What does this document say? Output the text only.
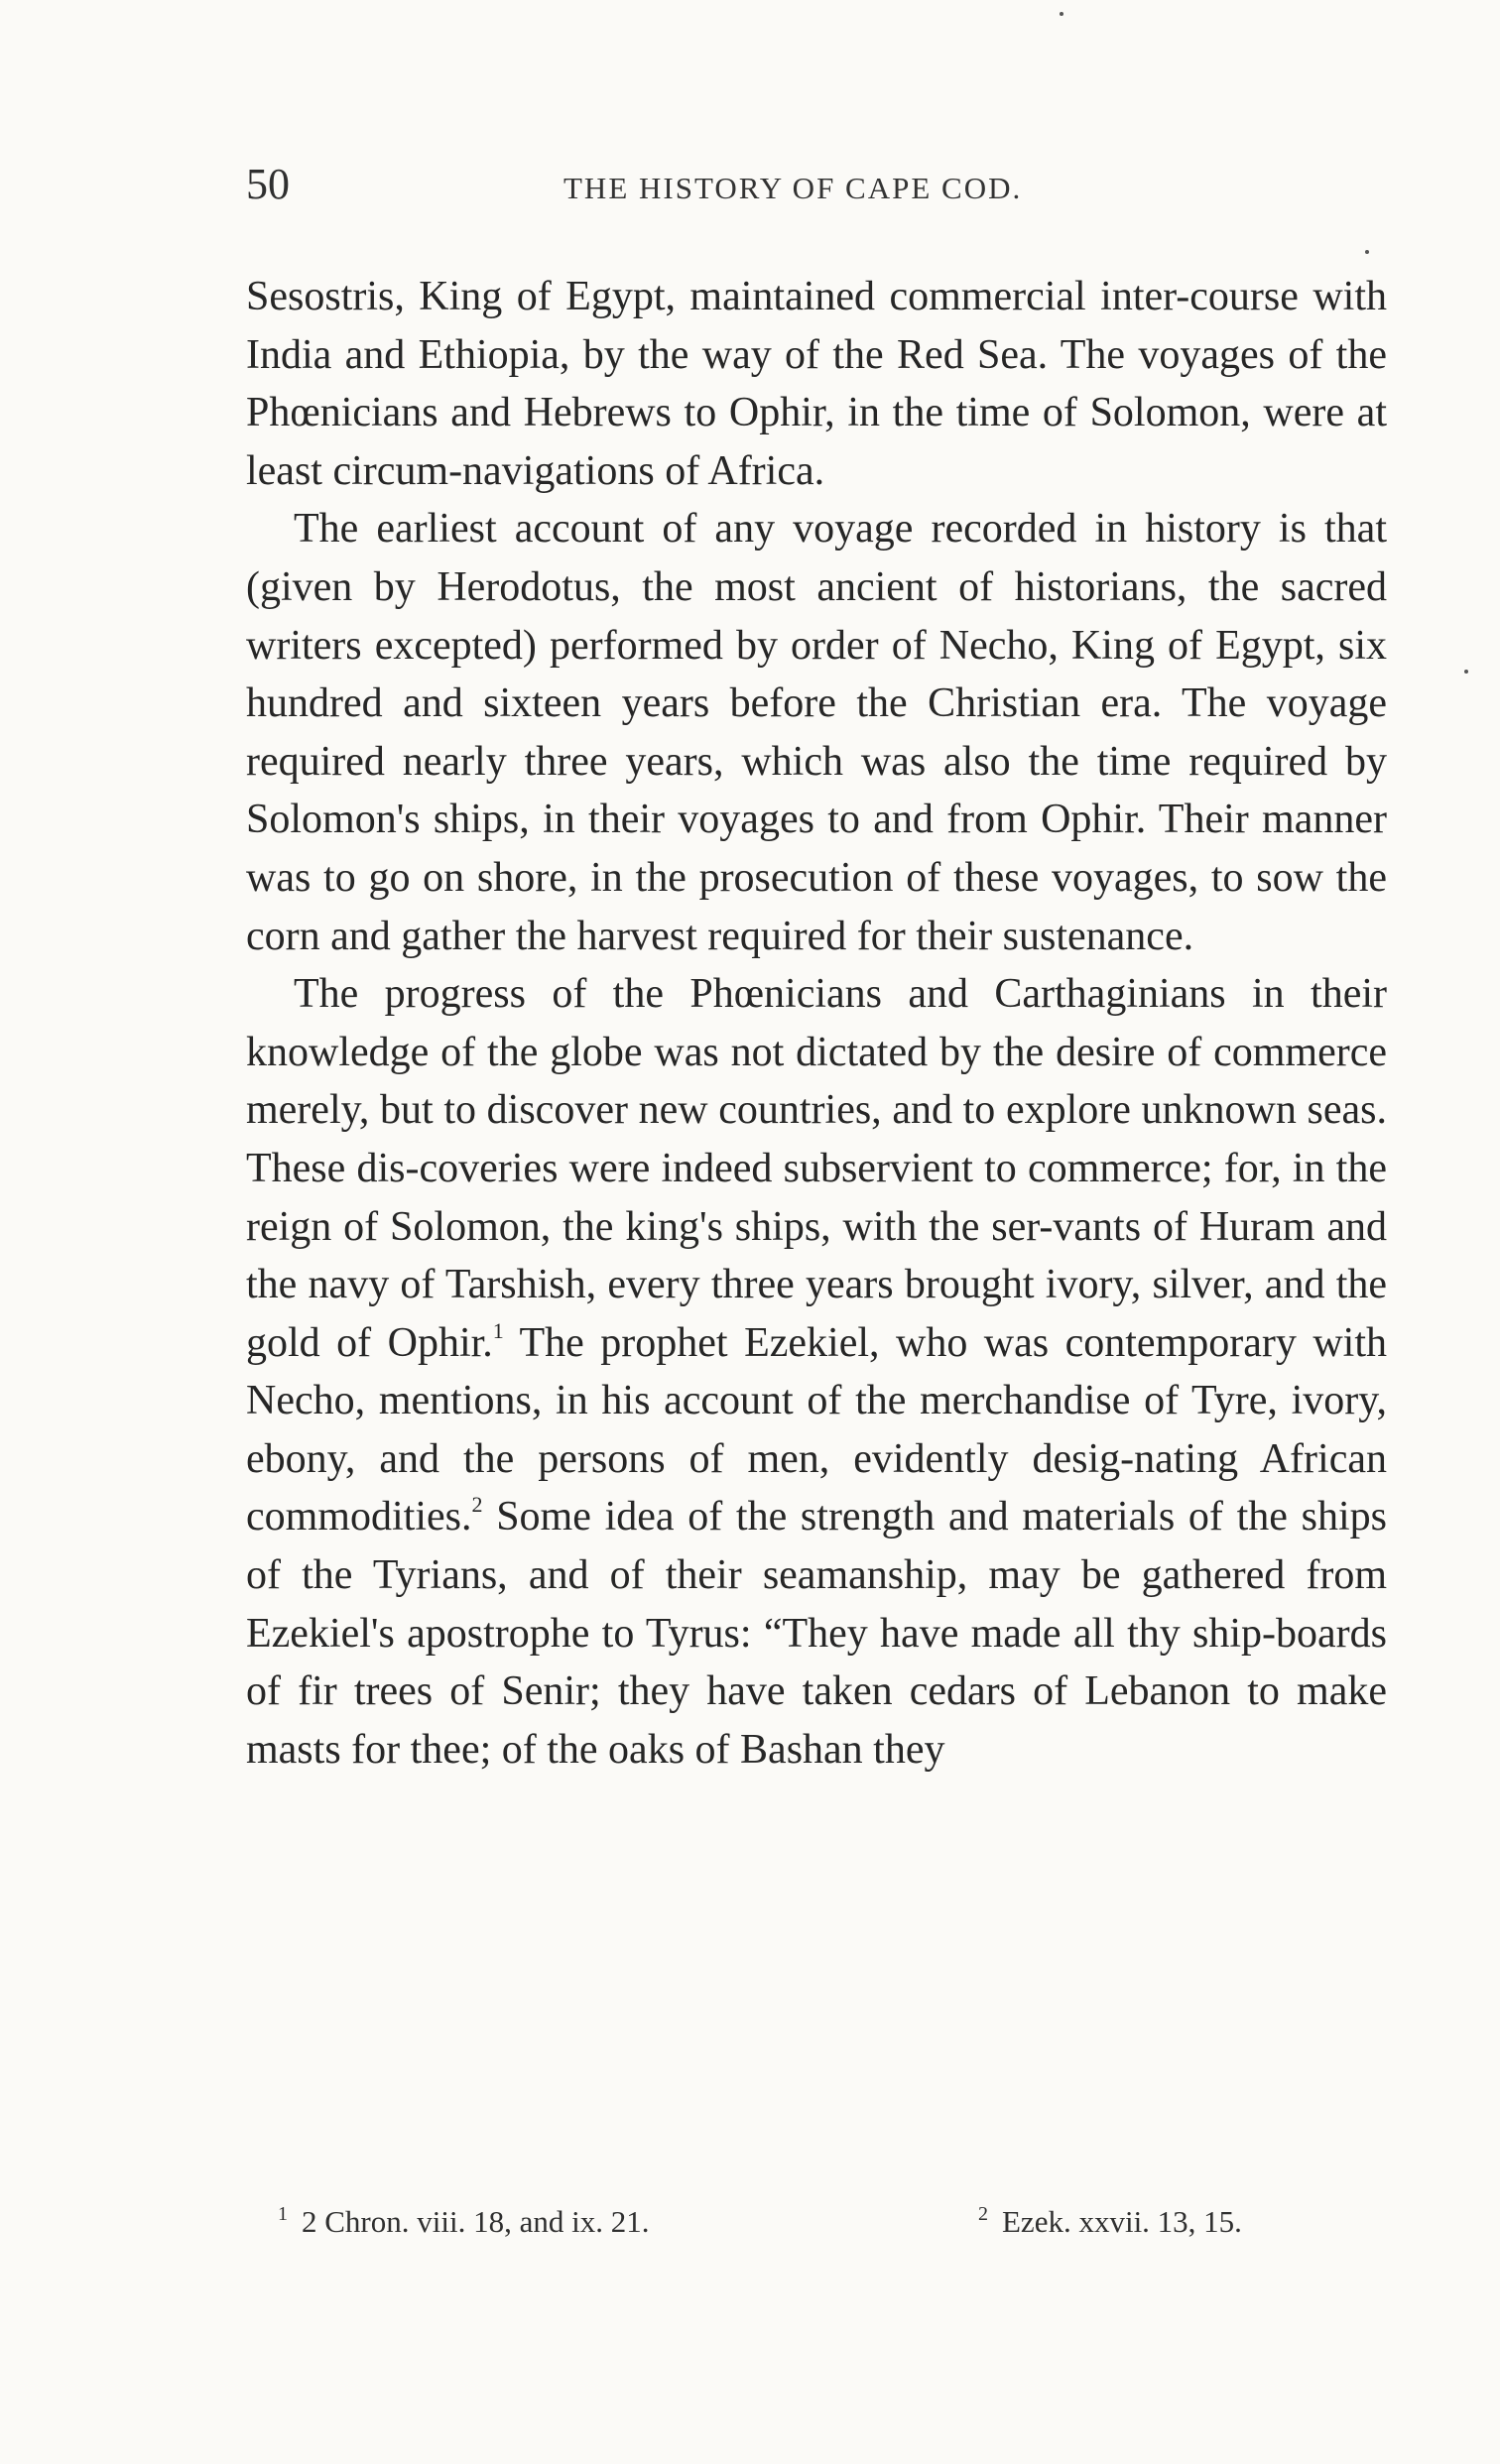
50	THE HISTORY OF CAPE COD.

Sesostris, King of Egypt, maintained commercial inter-course with India and Ethiopia, by the way of the Red Sea. The voyages of the Phœnicians and Hebrews to Ophir, in the time of Solomon, were at least circum-navigations of Africa.

The earliest account of any voyage recorded in history is that (given by Herodotus, the most ancient of historians, the sacred writers excepted) performed by order of Necho, King of Egypt, six hundred and sixteen years before the Christian era. The voyage required nearly three years, which was also the time required by Solomon's ships, in their voyages to and from Ophir. Their manner was to go on shore, in the prosecution of these voyages, to sow the corn and gather the harvest required for their sustenance.

The progress of the Phœnicians and Carthaginians in their knowledge of the globe was not dictated by the desire of commerce merely, but to discover new countries, and to explore unknown seas. These dis-coveries were indeed subservient to commerce; for, in the reign of Solomon, the king's ships, with the ser-vants of Huram and the navy of Tarshish, every three years brought ivory, silver, and the gold of Ophir.$^1$ The prophet Ezekiel, who was contemporary with Necho, mentions, in his account of the merchandise of Tyre, ivory, ebony, and the persons of men, evidently desig-nating African commodities.$^2$ Some idea of the strength and materials of the ships of the Tyrians, and of their seamanship, may be gathered from Ezekiel's apostrophe to Tyrus: “They have made all thy ship-boards of fir trees of Senir; they have taken cedars of Lebanon to make masts for thee; of the oaks of Bashan they

$^1$ 2 Chron. viii. 18, and ix. 21.	$^2$ Ezek. xxvii. 13, 15.
